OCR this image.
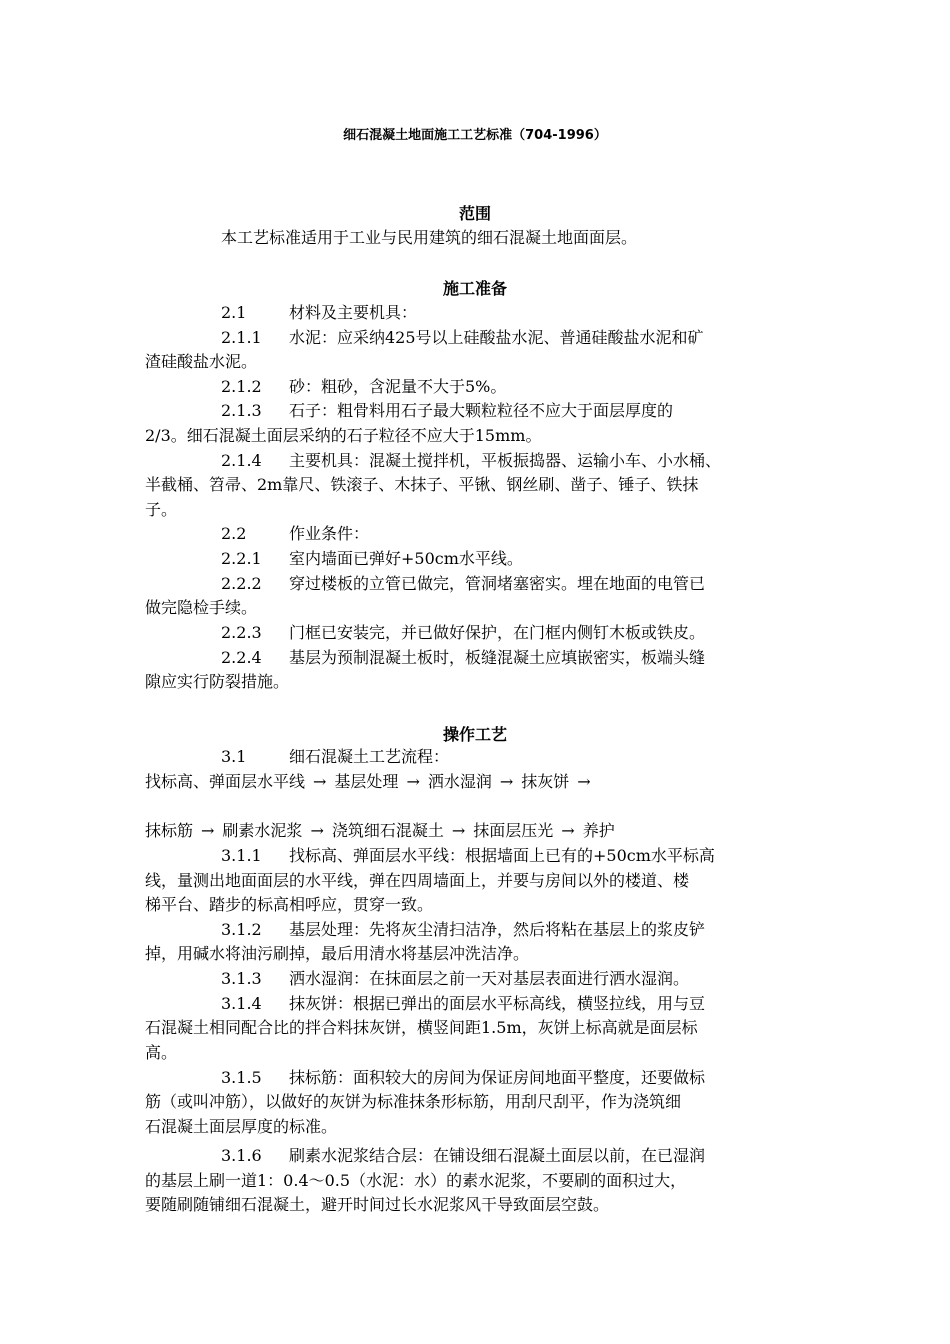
细石混凝土地面施工工艺标准（704-1996）
范围
本工艺标准适用于工业与民用建筑的细石混凝土地面面层。
施工准备
2.1	材料及主要机具：
2.1.1 水泥：应采纳425号以上硅酸盐水泥、普通硅酸盐水泥和矿
渣硅酸盐水泥。
2.1.2 砂：粗砂，含泥量不大于5%。
2.1.3 石子：粗骨料用石子最大颗粒粒径不应大于面层厚度的
2/3。细石混凝土面层采纳的石子粒径不应大于15mm。
2.1.4 主要机具：混凝土搅拌机，平板振捣器、运输小车、小水桶、
半截桶、笤帚、2m靠尺、铁滚子、木抹子、平锹、钢丝刷、凿子、锤子、铁抹
子。
2.2	作业条件：
2.2.1 室内墙面已弹好+50cm水平线。
2.2.2 穿过楼板的立管已做完，管洞堵塞密实。埋在地面的电管已
做完隐检手续。
2.2.3 门框已安装完，并已做好保护，在门框内侧钉木板或铁皮。
2.2.4 基层为预制混凝土板时，板缝混凝土应填嵌密实，板端头缝
隙应实行防裂措施。
操作工艺
3.1	细石混凝土工艺流程：
找标高、弹面层水平线 → 基层处理 → 洒水湿润 → 抹灰饼 →
抹标筋 → 刷素水泥浆 → 浇筑细石混凝土 → 抹面层压光 → 养护
3.1.1 找标高、弹面层水平线：根据墙面上已有的+50cm水平标高
线，量测出地面面层的水平线，弹在四周墙面上，并要与房间以外的楼道、楼
梯平台、踏步的标高相呼应，贯穿一致。
3.1.2 基层处理：先将灰尘清扫洁净，然后将粘在基层上的浆皮铲
掉，用碱水将油污刷掉，最后用清水将基层冲洗洁净。
3.1.3 洒水湿润：在抹面层之前一天对基层表面进行洒水湿润。
3.1.4 抹灰饼：根据已弹出的面层水平标高线，横竖拉线，用与豆
石混凝土相同配合比的拌合料抹灰饼，横竖间距1.5m，灰饼上标高就是面层标
高。
3.1.5 抹标筋：面积较大的房间为保证房间地面平整度，还要做标
筋（或叫冲筋），以做好的灰饼为标准抹条形标筋，用刮尺刮平，作为浇筑细
石混凝土面层厚度的标准。
3.1.6 刷素水泥浆结合层：在铺设细石混凝土面层以前，在已湿润
的基层上刷一道1：0.4～0.5（水泥：水）的素水泥浆，不要刷的面积过大，
要随刷随铺细石混凝土，避开时间过长水泥浆风干导致面层空鼓。
